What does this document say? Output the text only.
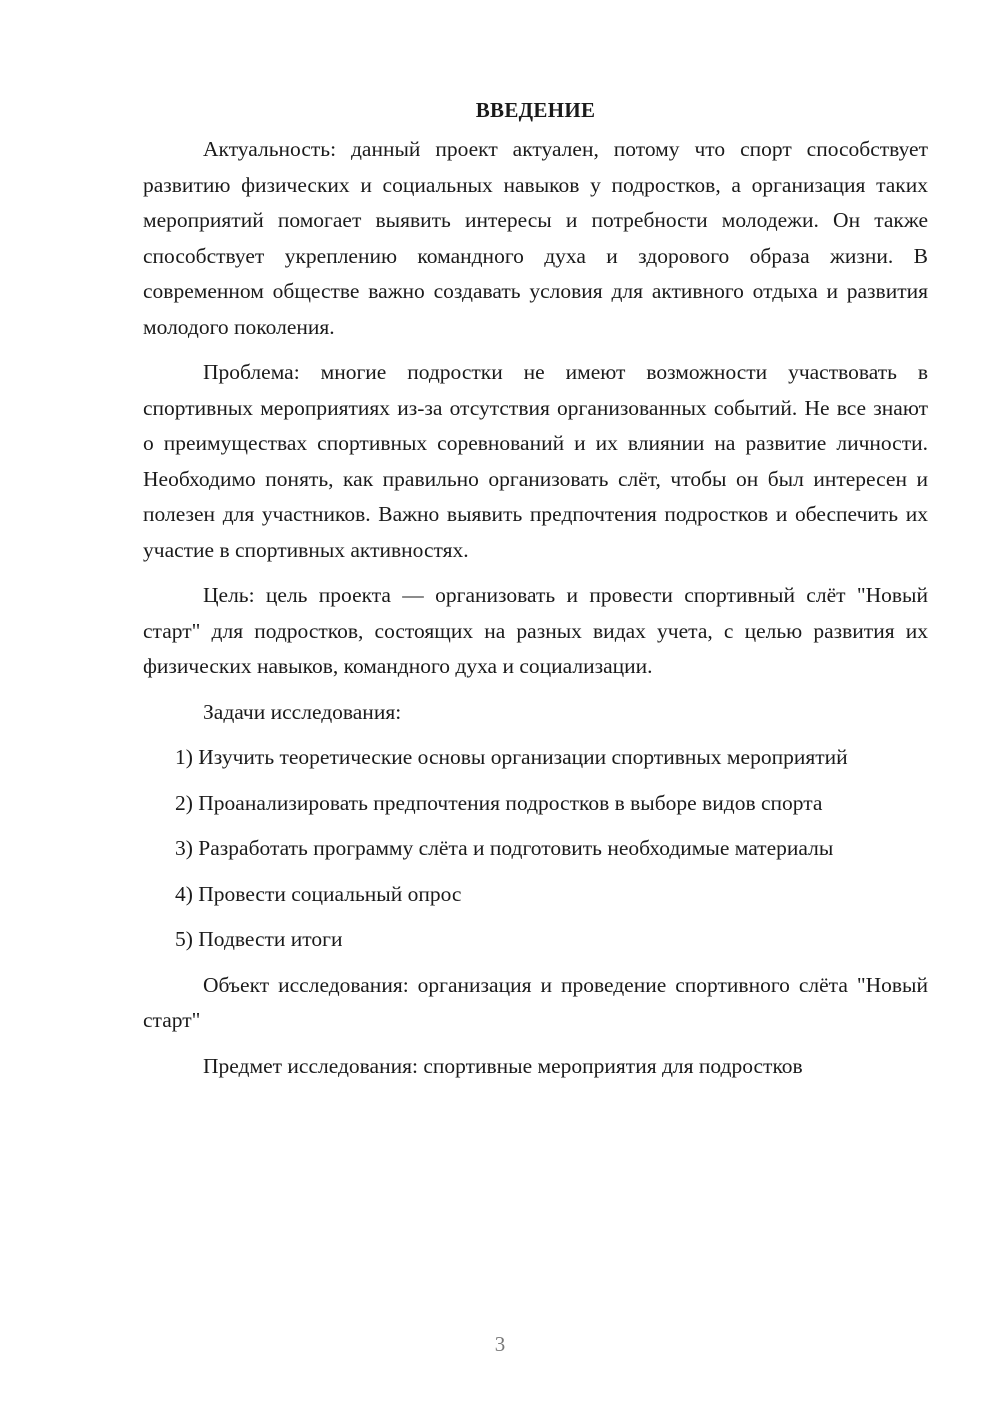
ВВЕДЕНИЕ

Актуальность: данный проект актуален, потому что спорт способствует развитию физических и социальных навыков у подростков, а организация таких мероприятий помогает выявить интересы и потребности молодежи. Он также способствует укреплению командного духа и здорового образа жизни. В современном обществе важно создавать условия для активного отдыха и развития молодого поколения.

Проблема: многие подростки не имеют возможности участвовать в спортивных мероприятиях из-за отсутствия организованных событий. Не все знают о преимуществах спортивных соревнований и их влиянии на развитие личности. Необходимо понять, как правильно организовать слёт, чтобы он был интересен и полезен для участников. Важно выявить предпочтения подростков и обеспечить их участие в спортивных активностях.

Цель: цель проекта — организовать и провести спортивный слёт "Новый старт" для подростков, состоящих на разных видах учета, с целью развития их физических навыков, командного духа и социализации.

Задачи исследования:

1) Изучить теоретические основы организации спортивных мероприятий

2) Проанализировать предпочтения подростков в выборе видов спорта

3) Разработать программу слёта и подготовить необходимые материалы

4) Провести социальный опрос

5) Подвести итоги

Объект исследования: организация и проведение спортивного слёта "Новый старт"

Предмет исследования: спортивные мероприятия для подростков

3
